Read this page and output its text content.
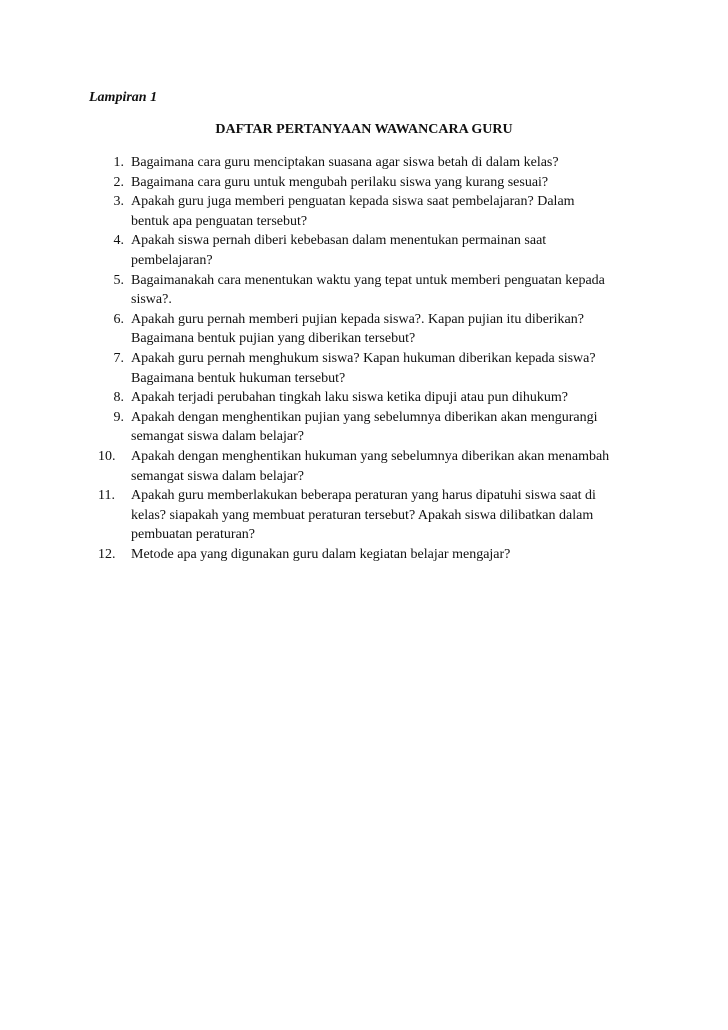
Lampiran 1

DAFTAR PERTANYAAN WAWANCARA GURU
1. Bagaimana cara guru menciptakan suasana agar siswa betah di dalam kelas?
2. Bagaimana cara guru untuk mengubah perilaku siswa yang kurang sesuai?
3. Apakah guru juga memberi penguatan kepada siswa saat pembelajaran? Dalam
bentuk apa penguatan tersebut?
4. Apakah siswa pernah diberi kebebasan dalam menentukan permainan saat
pembelajaran?
5. Bagaimanakah cara menentukan waktu yang tepat untuk memberi penguatan kepada
siswa?.
6. Apakah guru pernah memberi pujian kepada siswa?. Kapan pujian itu diberikan?
Bagaimana bentuk pujian yang diberikan tersebut?
7. Apakah guru pernah menghukum siswa? Kapan hukuman diberikan kepada siswa?
Bagaimana bentuk hukuman tersebut?
8. Apakah terjadi perubahan tingkah laku siswa ketika dipuji atau pun dihukum?
9. Apakah dengan menghentikan pujian yang sebelumnya diberikan akan mengurangi
semangat siswa dalam belajar?
10.	Apakah dengan menghentikan hukuman yang sebelumnya diberikan akan menambah
semangat siswa dalam belajar?
11.	Apakah guru memberlakukan beberapa peraturan yang harus dipatuhi siswa saat di
kelas? siapakah yang membuat peraturan tersebut? Apakah siswa dilibatkan dalam
pembuatan peraturan?
12.	Metode apa yang digunakan guru dalam kegiatan belajar mengajar?
